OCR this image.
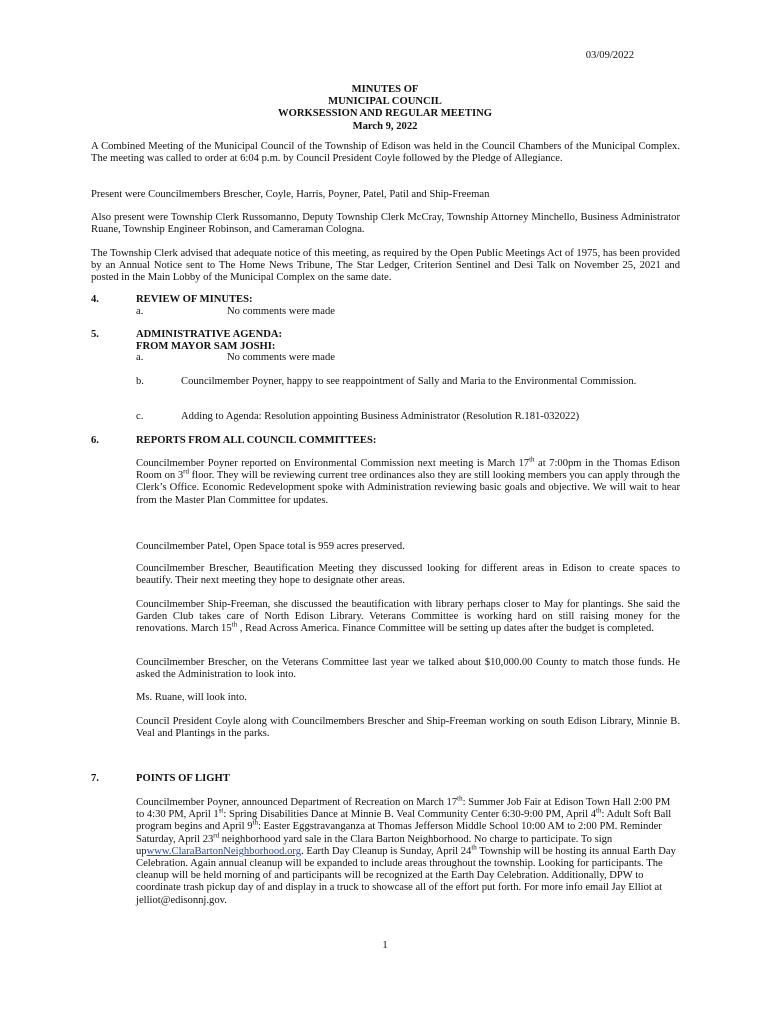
03/09/2022
MINUTES OF
MUNICIPAL COUNCIL
WORKSESSION AND REGULAR MEETING
March 9, 2022
A Combined Meeting of the Municipal Council of the Township of Edison was held in the Council Chambers of the Municipal Complex. The meeting was called to order at 6:04 p.m. by Council President Coyle followed by the Pledge of Allegiance.
Present were Councilmembers Brescher, Coyle, Harris, Poyner, Patel, Patil and Ship-Freeman
Also present were Township Clerk Russomanno, Deputy Township Clerk McCray, Township Attorney Minchello, Business Administrator Ruane, Township Engineer Robinson, and Cameraman Cologna.
The Township Clerk advised that adequate notice of this meeting, as required by the Open Public Meetings Act of 1975, has been provided by an Annual Notice sent to The Home News Tribune, The Star Ledger, Criterion Sentinel and Desi Talk on November 25, 2021 and posted in the Main Lobby of the Municipal Complex on the same date.
4.	REVIEW OF MINUTES:
a.	No comments were made
5.	ADMINISTRATIVE AGENDA:
FROM MAYOR SAM JOSHI:
a.	No comments were made
b.	Councilmember Poyner, happy to see reappointment of Sally and Maria to the Environmental Commission.
c.	Adding to Agenda: Resolution appointing Business Administrator (Resolution R.181-032022)
6.	REPORTS FROM ALL COUNCIL COMMITTEES:
Councilmember Poyner reported on Environmental Commission next meeting is March 17th at 7:00pm in the Thomas Edison Room on 3rd floor. They will be reviewing current tree ordinances also they are still looking members you can apply through the Clerk’s Office. Economic Redevelopment spoke with Administration reviewing basic goals and objective. We will wait to hear from the Master Plan Committee for updates.
Councilmember Patel, Open Space total is 959 acres preserved.
Councilmember Brescher, Beautification Meeting they discussed looking for different areas in Edison to create spaces to beautify. Their next meeting they hope to designate other areas.
Councilmember Ship-Freeman, she discussed the beautification with library perhaps closer to May for plantings. She said the Garden Club takes care of North Edison Library. Veterans Committee is working hard on still raising money for the renovations. March 15th , Read Across America. Finance Committee will be setting up dates after the budget is completed.
Councilmember Brescher, on the Veterans Committee last year we talked about $10,000.00 County to match those funds. He asked the Administration to look into.
Ms. Ruane, will look into.
Council President Coyle along with Councilmembers Brescher and Ship-Freeman working on south Edison Library, Minnie B. Veal and Plantings in the parks.
7.	POINTS OF LIGHT
Councilmember Poyner, announced Department of Recreation on March 17th: Summer Job Fair at Edison Town Hall 2:00 PM to 4:30 PM, April 1st: Spring Disabilities Dance at Minnie B. Veal Community Center 6:30-9:00 PM, April 4th: Adult Soft Ball program begins and April 9th: Easter Eggstravanganza at Thomas Jefferson Middle School 10:00 AM to 2:00 PM. Reminder Saturday, April 23rd neighborhood yard sale in the Clara Barton Neighborhood. No charge to participate. To sign upwww.ClaraBartonNeighborhood.org. Earth Day Cleanup is Sunday, April 24th Township will be hosting its annual Earth Day Celebration. Again annual cleanup will be expanded to include areas throughout the township. Looking for participants. The cleanup will be held morning of and participants will be recognized at the Earth Day Celebration. Additionally, DPW to coordinate trash pickup day of and display in a truck to showcase all of the effort put forth. For more info email Jay Elliot at jelliot@edisonnj.gov.
1
